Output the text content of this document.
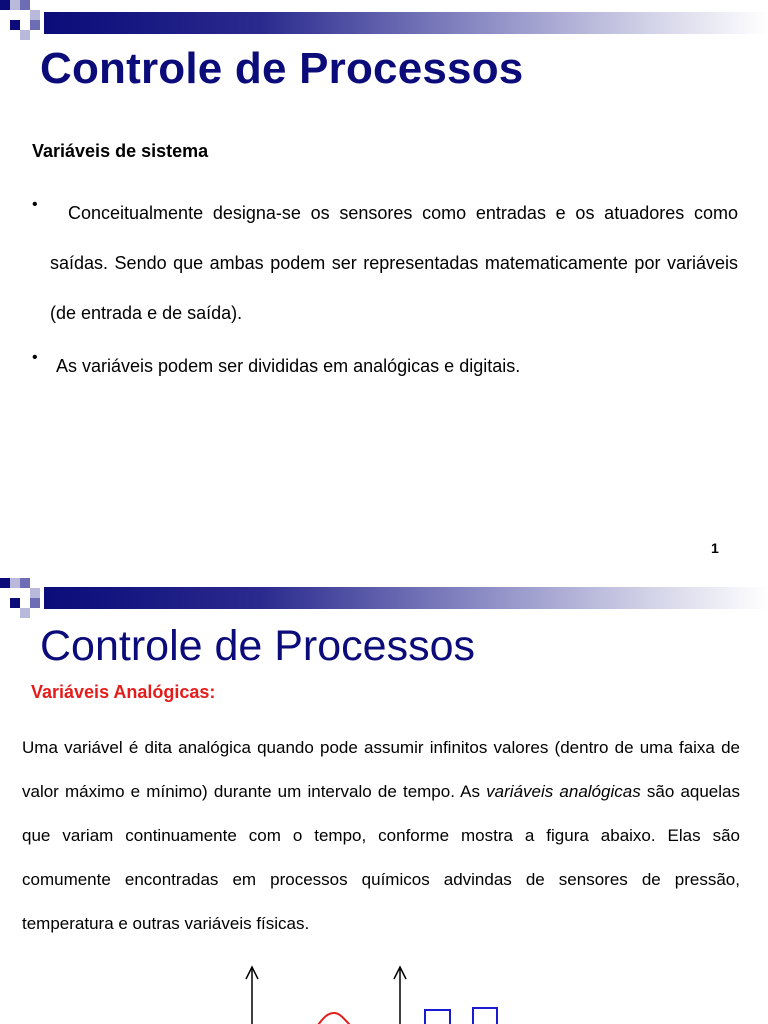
Controle de Processos

Variáveis de sistema

•	Conceitualmente designa-se os sensores como entradas e os atuadores como saídas. Sendo que ambas podem ser representadas matematicamente por variáveis (de entrada e de saída).
• As variáveis podem ser divididas em analógicas e digitais.

1

Controle de Processos

Variáveis Analógicas:

Uma variável é dita analógica quando pode assumir infinitos valores (dentro de uma faixa de valor máximo e mínimo) durante um intervalo de tempo. As variáveis analógicas são aquelas que variam continuamente com o tempo, conforme mostra a figura abaixo. Elas são comumente encontradas em processos químicos advindas de sensores de pressão, temperatura e outras variáveis físicas.
